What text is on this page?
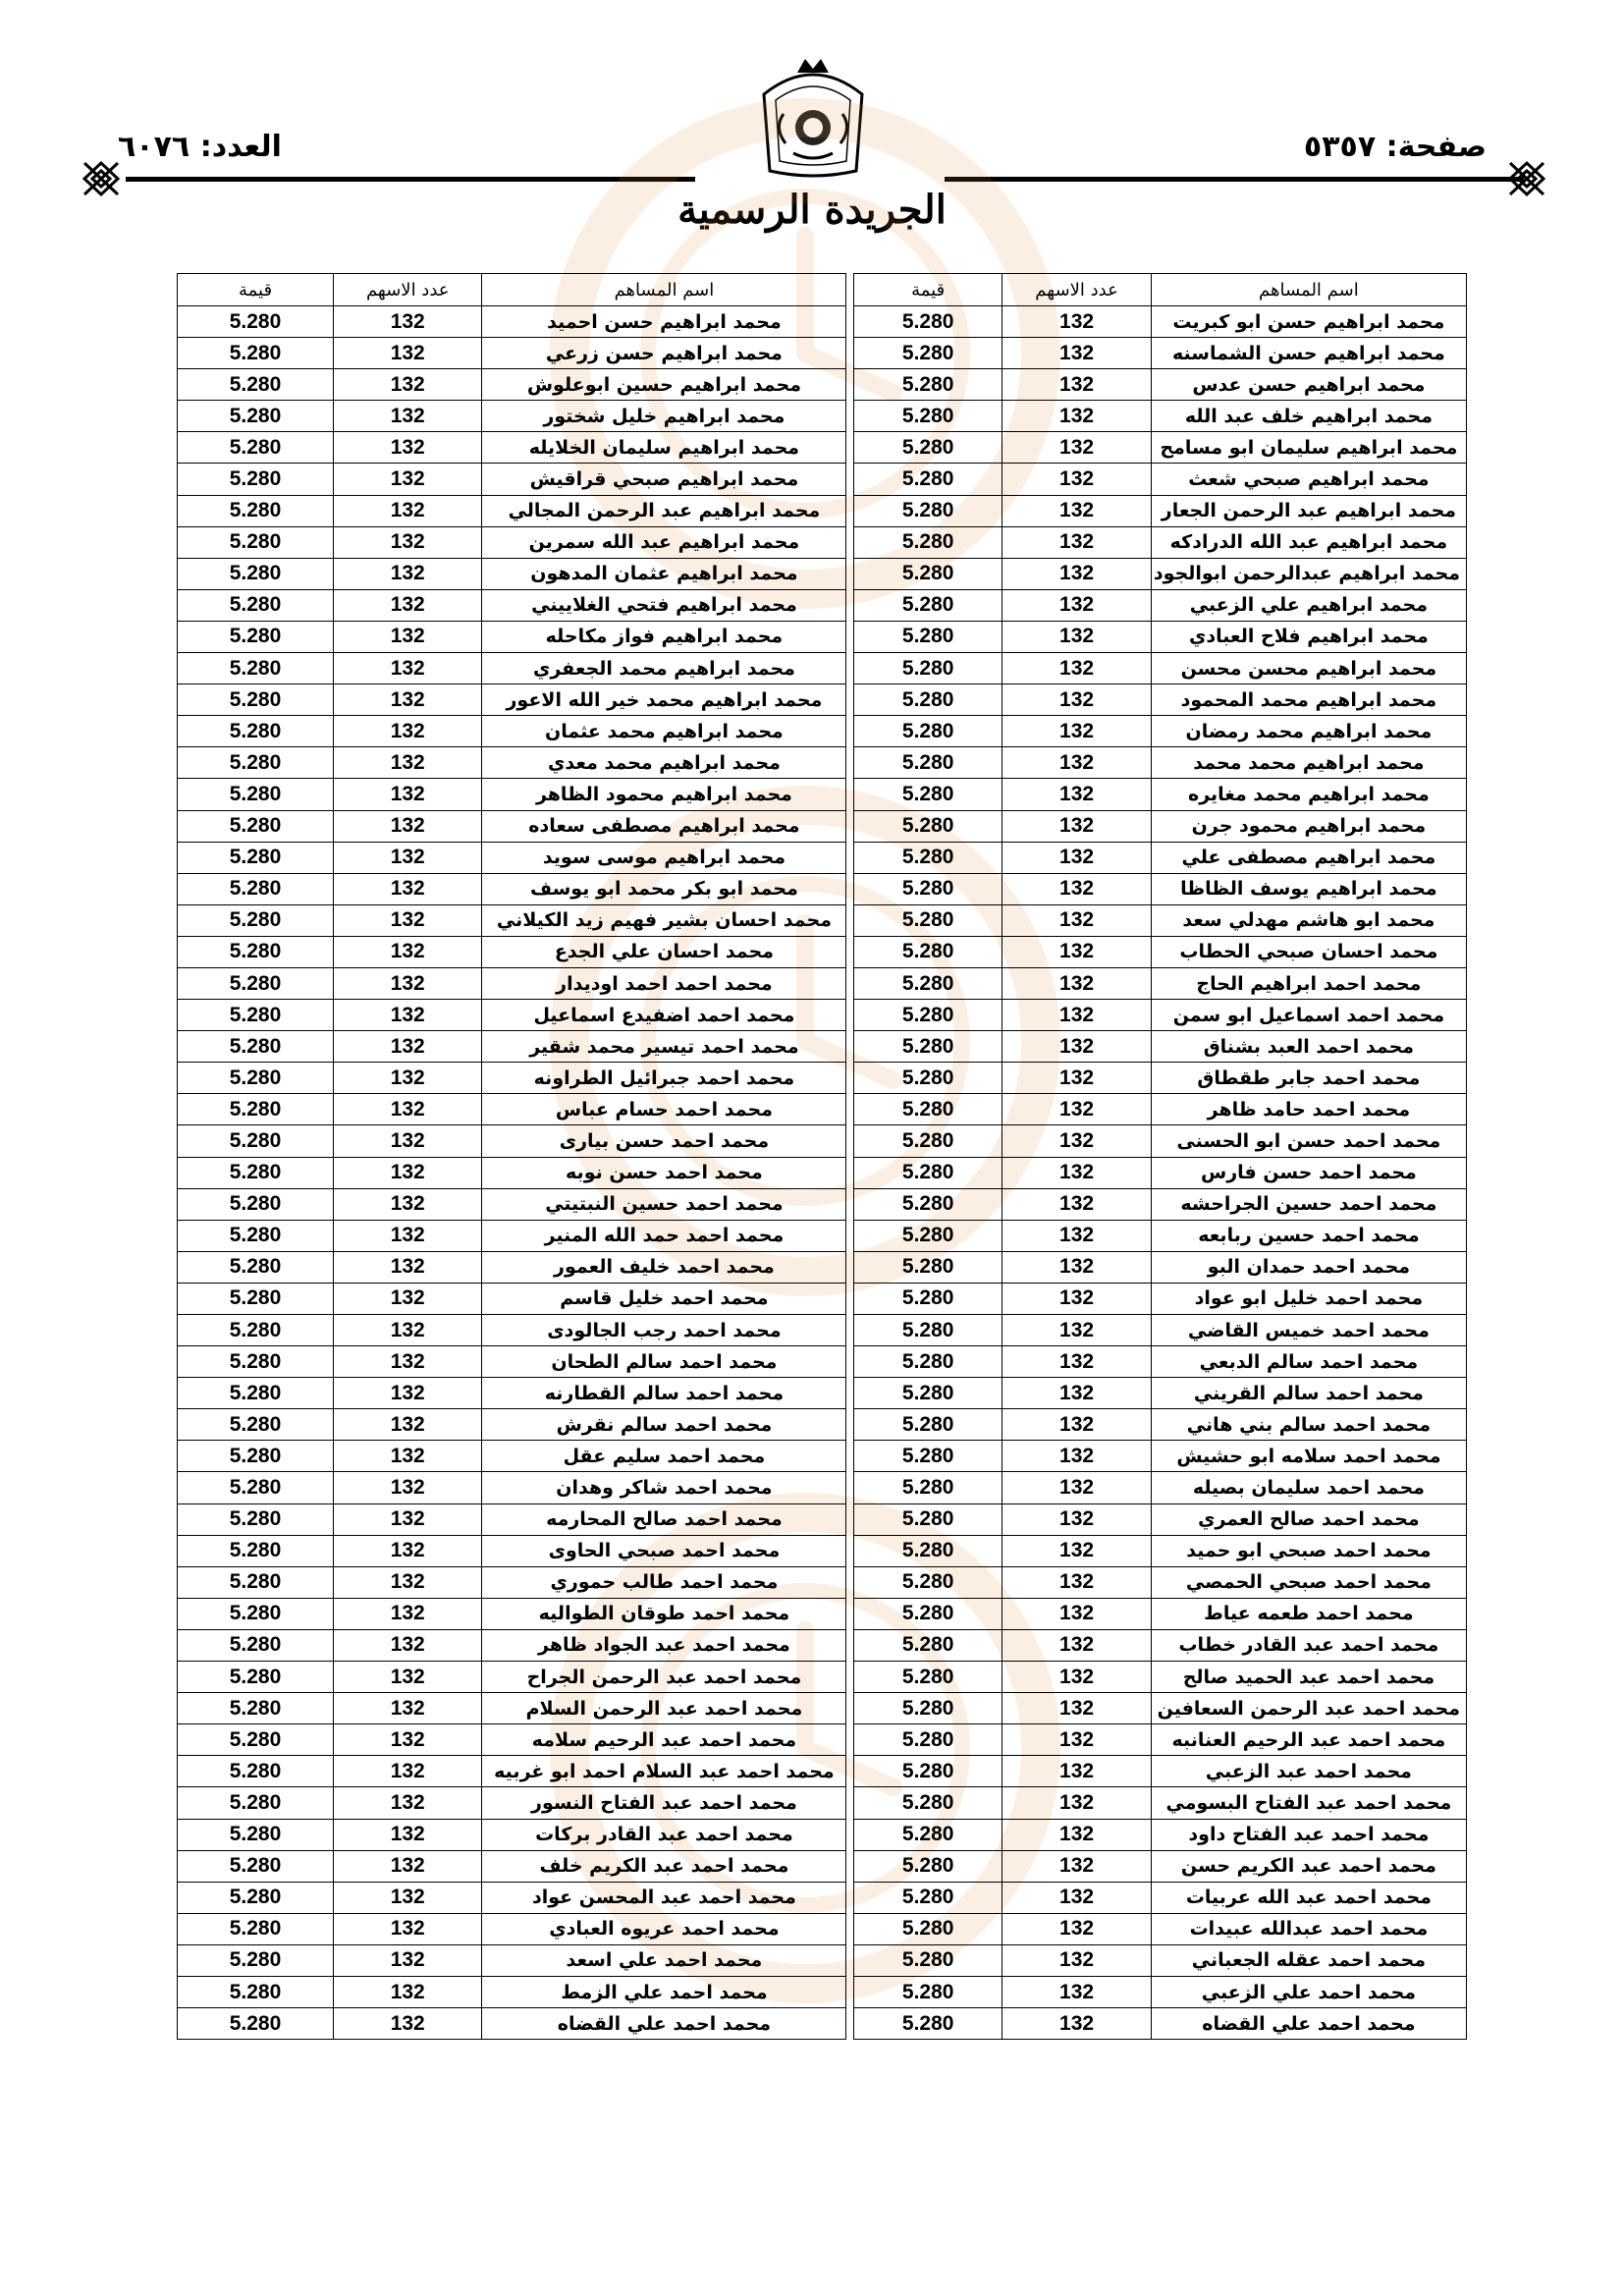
صفحة: ٥٣٥٧
العدد: ٦٠٧٦
الجريدة الرسمية
اسم المساهم	عدد الاسهم	قيمة		اسم المساهم	عدد الاسهم	قيمة
محمد ابراهيم حسن ابو كبريت	132	5.280		محمد ابراهيم حسن احميد	132	5.280
محمد ابراهيم حسن الشماسنه	132	5.280		محمد ابراهيم حسن زرعي	132	5.280
محمد ابراهيم حسن عدس	132	5.280		محمد ابراهيم حسين ابوعلوش	132	5.280
محمد ابراهيم خلف عبد الله	132	5.280		محمد ابراهيم خليل شختور	132	5.280
محمد ابراهيم سليمان ابو مسامح	132	5.280		محمد ابراهيم سليمان الخلايله	132	5.280
محمد ابراهيم صبحي شعث	132	5.280		محمد ابراهيم صبحي قراقيش	132	5.280
محمد ابراهيم عبد الرحمن الجعار	132	5.280		محمد ابراهيم عبد الرحمن المجالي	132	5.280
محمد ابراهيم عبد الله الدرادكه	132	5.280		محمد ابراهيم عبد الله سمرين	132	5.280
محمد ابراهيم عبدالرحمن ابوالجود	132	5.280		محمد ابراهيم عثمان المدهون	132	5.280
محمد ابراهيم علي الزعبي	132	5.280		محمد ابراهيم فتحي الغلاييني	132	5.280
محمد ابراهيم فلاح العبادي	132	5.280		محمد ابراهيم فواز مكاحله	132	5.280
محمد ابراهيم محسن محسن	132	5.280		محمد ابراهيم محمد الجعفري	132	5.280
محمد ابراهيم محمد المحمود	132	5.280		محمد ابراهيم محمد خير الله الاعور	132	5.280
محمد ابراهيم محمد رمضان	132	5.280		محمد ابراهيم محمد عثمان	132	5.280
محمد ابراهيم محمد محمد	132	5.280		محمد ابراهيم محمد معدي	132	5.280
محمد ابراهيم محمد مغايره	132	5.280		محمد ابراهيم محمود الظاهر	132	5.280
محمد ابراهيم محمود جرن	132	5.280		محمد ابراهيم مصطفى سعاده	132	5.280
محمد ابراهيم مصطفى علي	132	5.280		محمد ابراهيم موسى سويد	132	5.280
محمد ابراهيم يوسف الظاظا	132	5.280		محمد ابو بكر محمد ابو يوسف	132	5.280
محمد ابو هاشم مهدلي سعد	132	5.280		محمد احسان بشير فهيم زيد الكيلاني	132	5.280
محمد احسان صبحي الحطاب	132	5.280		محمد احسان علي الجدع	132	5.280
محمد احمد ابراهيم الحاج	132	5.280		محمد احمد احمد اوديدار	132	5.280
محمد احمد اسماعيل ابو سمن	132	5.280		محمد احمد اضفيدع اسماعيل	132	5.280
محمد احمد العبد بشناق	132	5.280		محمد احمد تيسير محمد شقير	132	5.280
محمد احمد جابر طقطاق	132	5.280		محمد احمد جبرائيل الطراونه	132	5.280
محمد احمد حامد ظاهر	132	5.280		محمد احمد حسام عباس	132	5.280
محمد احمد حسن ابو الحسنى	132	5.280		محمد احمد حسن بيارى	132	5.280
محمد احمد حسن فارس	132	5.280		محمد احمد حسن نوبه	132	5.280
محمد احمد حسين الجراحشه	132	5.280		محمد احمد حسين النبتيتي	132	5.280
محمد احمد حسين ربابعه	132	5.280		محمد احمد حمد الله المنير	132	5.280
محمد احمد حمدان البو	132	5.280		محمد احمد خليف العمور	132	5.280
محمد احمد خليل ابو عواد	132	5.280		محمد احمد خليل قاسم	132	5.280
محمد احمد خميس القاضي	132	5.280		محمد احمد رجب الجالودى	132	5.280
محمد احمد سالم الدبعي	132	5.280		محمد احمد سالم الطحان	132	5.280
محمد احمد سالم القريني	132	5.280		محمد احمد سالم القطارنه	132	5.280
محمد احمد سالم بني هاني	132	5.280		محمد احمد سالم نقرش	132	5.280
محمد احمد سلامه ابو حشيش	132	5.280		محمد احمد سليم عقل	132	5.280
محمد احمد سليمان بصيله	132	5.280		محمد احمد شاكر وهدان	132	5.280
محمد احمد صالح العمري	132	5.280		محمد احمد صالح المحارمه	132	5.280
محمد احمد صبحي ابو حميد	132	5.280		محمد احمد صبحي الحاوى	132	5.280
محمد احمد صبحي الحمصي	132	5.280		محمد احمد طالب حموري	132	5.280
محمد احمد طعمه عياط	132	5.280		محمد احمد طوقان الطواليه	132	5.280
محمد احمد عبد القادر خطاب	132	5.280		محمد احمد عبد الجواد ظاهر	132	5.280
محمد احمد عبد الحميد صالح	132	5.280		محمد احمد عبد الرحمن الجراح	132	5.280
محمد احمد عبد الرحمن السعافين	132	5.280		محمد احمد عبد الرحمن السلام	132	5.280
محمد احمد عبد الرحيم العنانبه	132	5.280		محمد احمد عبد الرحيم سلامه	132	5.280
محمد احمد عبد الزعبي	132	5.280		محمد احمد عبد السلام احمد ابو غربيه	132	5.280
محمد احمد عبد الفتاح البسومي	132	5.280		محمد احمد عبد الفتاح النسور	132	5.280
محمد احمد عبد الفتاح داود	132	5.280		محمد احمد عبد القادر بركات	132	5.280
محمد احمد عبد الكريم حسن	132	5.280		محمد احمد عبد الكريم خلف	132	5.280
محمد احمد عبد الله عربيات	132	5.280		محمد احمد عبد المحسن عواد	132	5.280
محمد احمد عبدالله عبيدات	132	5.280		محمد احمد عريوه العبادي	132	5.280
محمد احمد عقله الجعباني	132	5.280		محمد احمد علي اسعد	132	5.280
محمد احمد علي الزعبي	132	5.280		محمد احمد علي الزمط	132	5.280
محمد احمد علي القضاه	132	5.280		محمد احمد علي القضاه	132	5.280
